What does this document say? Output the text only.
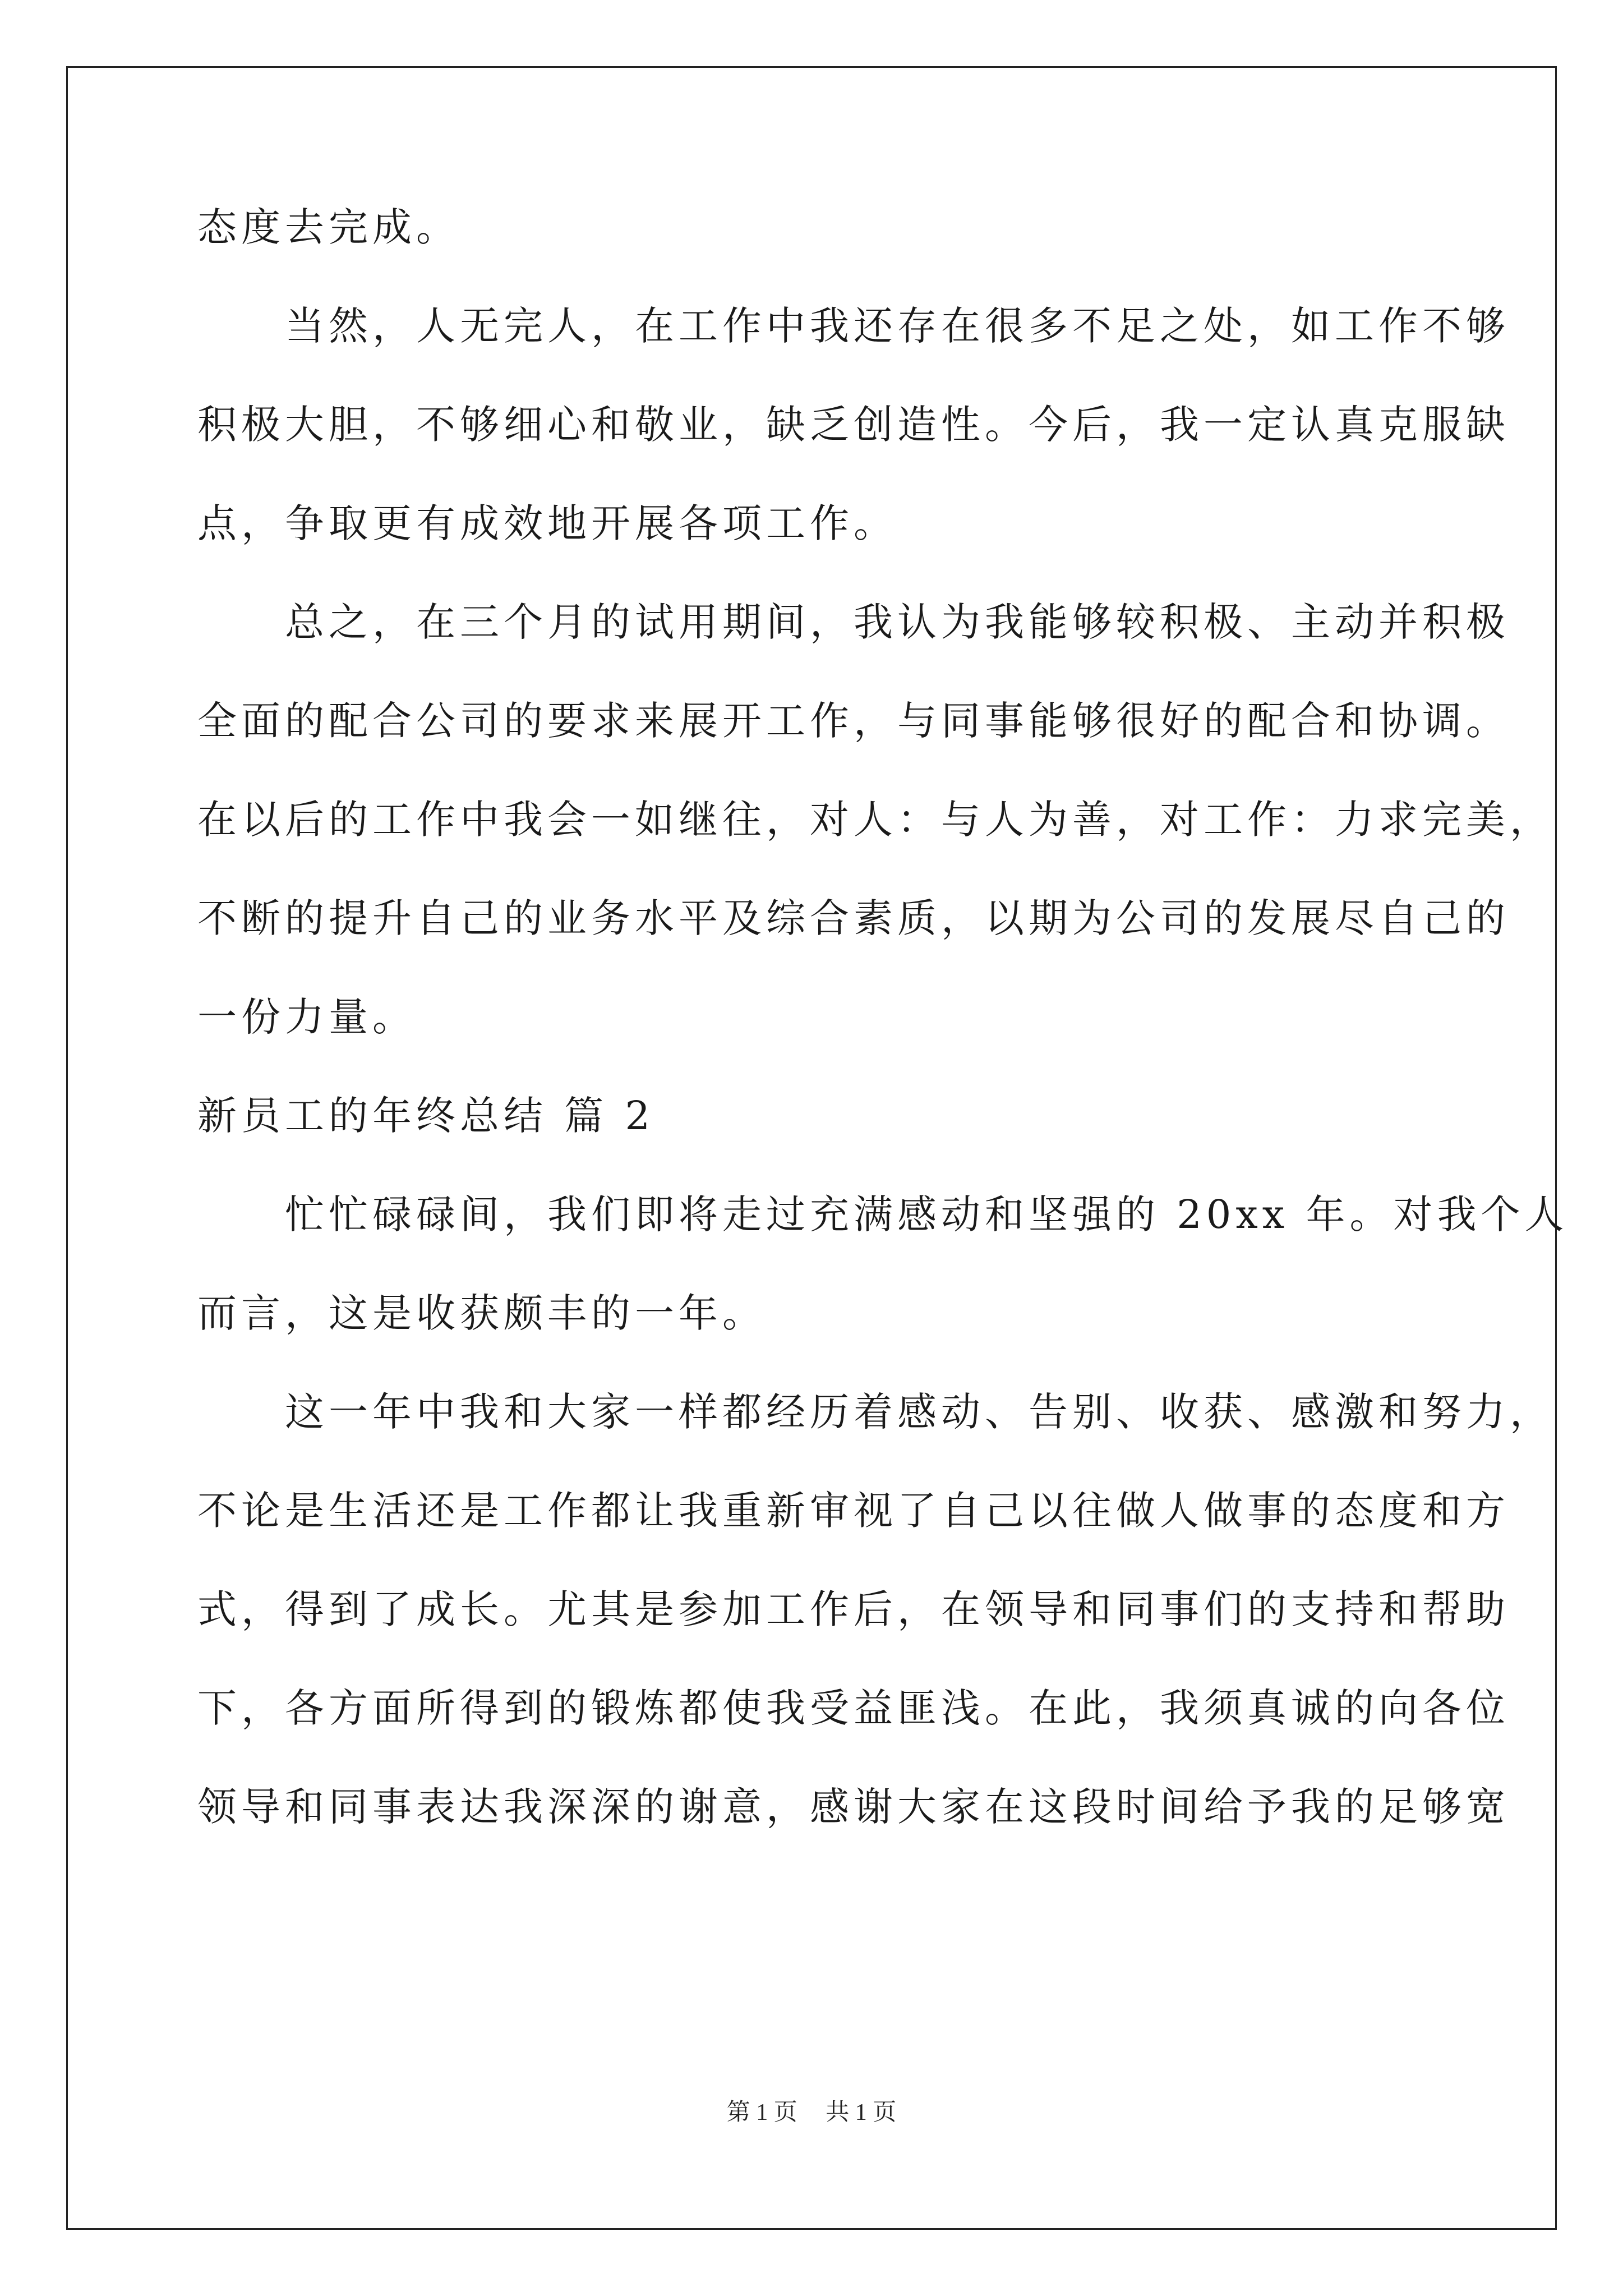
态度去完成。
当然，人无完人，在工作中我还存在很多不足之处，如工作不够
积极大胆，不够细心和敬业，缺乏创造性。今后，我一定认真克服缺
点，争取更有成效地开展各项工作。
总之，在三个月的试用期间，我认为我能够较积极、主动并积极
全面的配合公司的要求来展开工作，与同事能够很好的配合和协调。
在以后的工作中我会一如继往，对人：与人为善，对工作：力求完美，
不断的提升自己的业务水平及综合素质，以期为公司的发展尽自己的
一份力量。
新员工的年终总结 篇 2
忙忙碌碌间，我们即将走过充满感动和坚强的 20xx 年。对我个人
而言，这是收获颇丰的一年。
这一年中我和大家一样都经历着感动、告别、收获、感激和努力，
不论是生活还是工作都让我重新审视了自己以往做人做事的态度和方
式，得到了成长。尤其是参加工作后，在领导和同事们的支持和帮助
下，各方面所得到的锻炼都使我受益匪浅。在此，我须真诚的向各位
领导和同事表达我深深的谢意，感谢大家在这段时间给予我的足够宽
第 1 页 共 1 页
